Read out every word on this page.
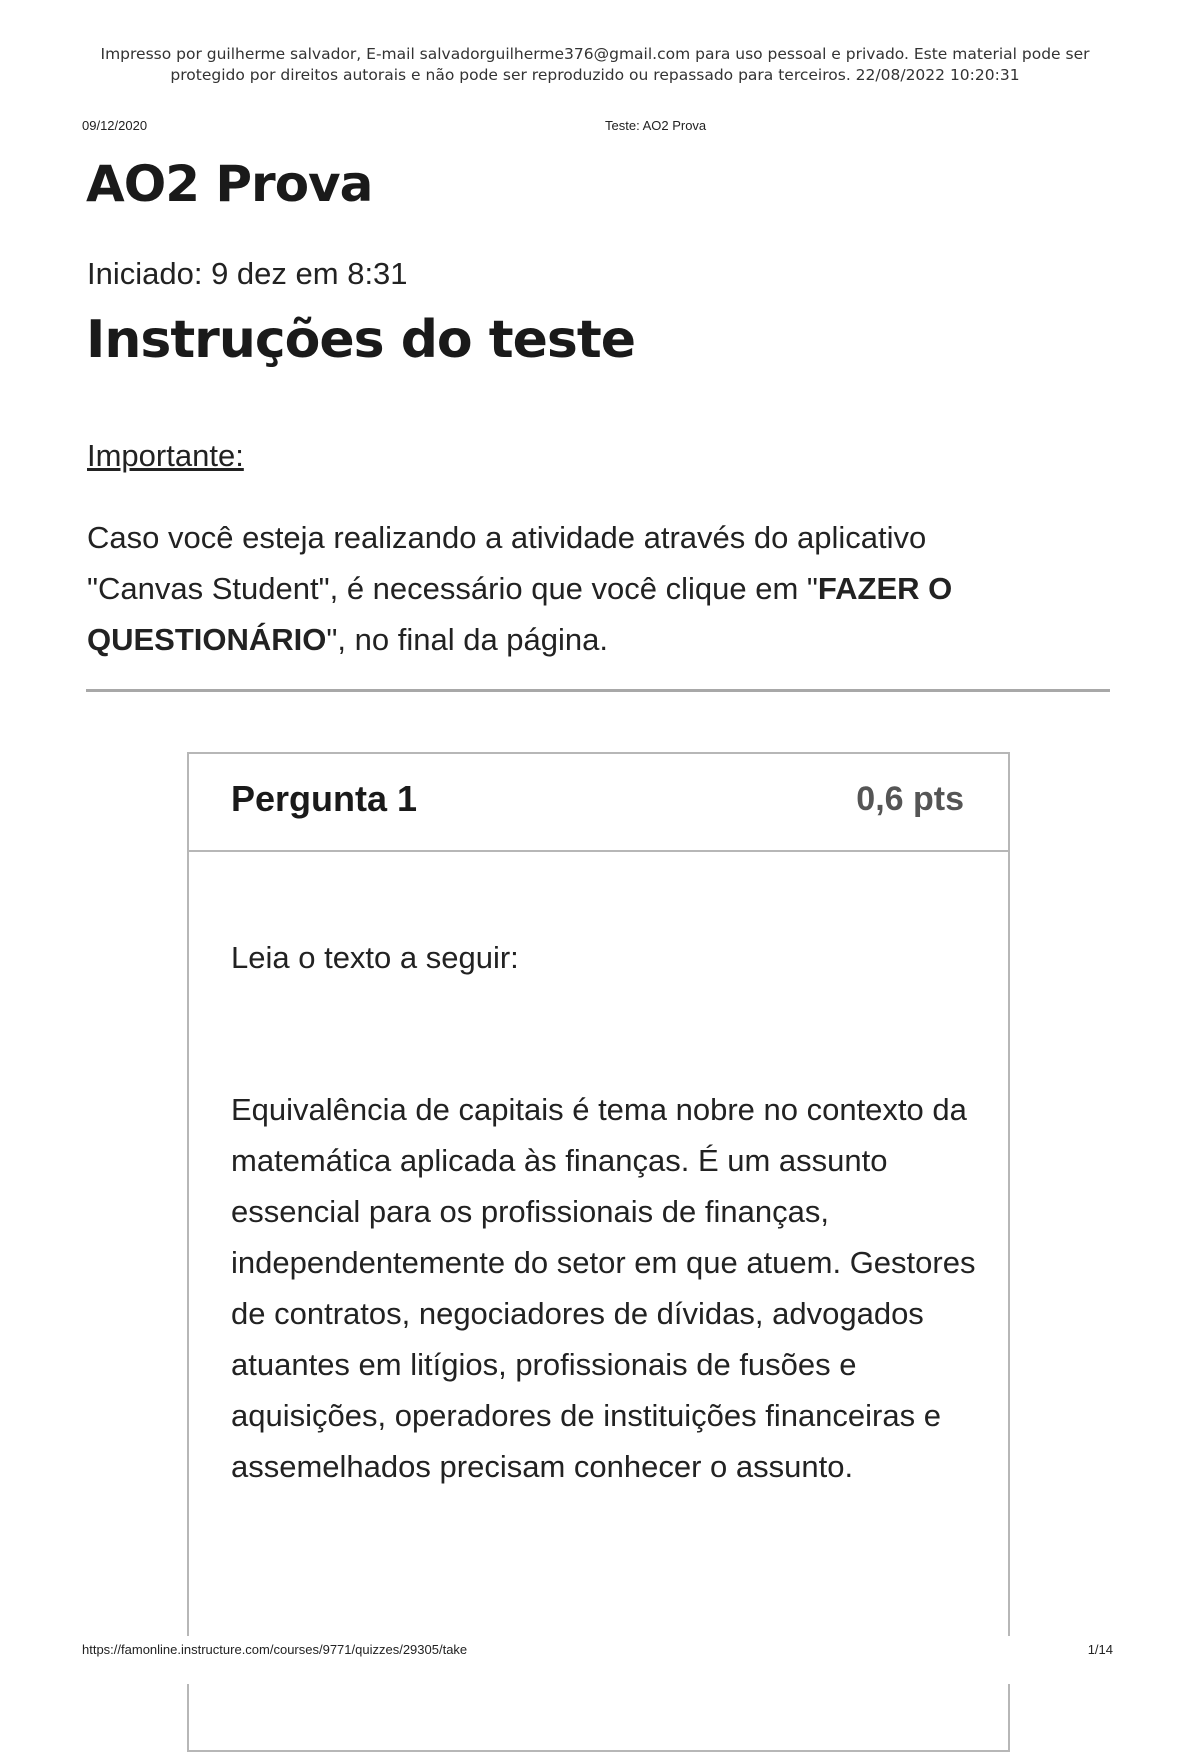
Impresso por guilherme salvador, E-mail salvadorguilherme376@gmail.com para uso pessoal e privado. Este material pode ser
protegido por direitos autorais e não pode ser reproduzido ou repassado para terceiros. 22/08/2022 10:20:31
09/12/2020	Teste: AO2 Prova
AO2 Prova
Iniciado: 9 dez em 8:31
Instruções do teste
Importante:
Caso você esteja realizando a atividade através do aplicativo "Canvas Student", é necessário que você clique em "FAZER O QUESTIONÁRIO", no final da página.
Pergunta 1	0,6 pts
Leia o texto a seguir:
Equivalência de capitais é tema nobre no contexto da matemática aplicada às finanças. É um assunto essencial para os profissionais de finanças, independentemente do setor em que atuem. Gestores de contratos, negociadores de dívidas, advogados atuantes em litígios, profissionais de fusões e aquisições, operadores de instituições financeiras e assemelhados precisam conhecer o assunto.
https://famonline.instructure.com/courses/9771/quizzes/29305/take	1/14
